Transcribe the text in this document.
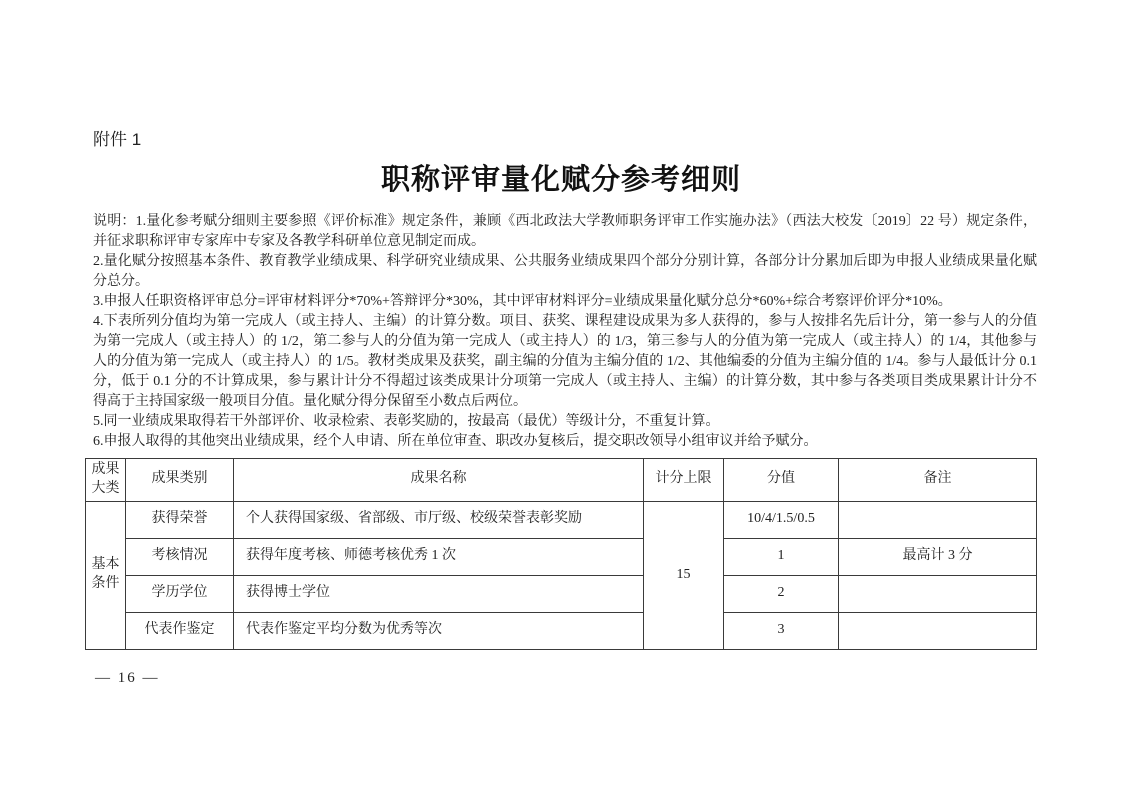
附件 1
职称评审量化赋分参考细则

说明：1.量化参考赋分细则主要参照《评价标准》规定条件，兼顾《西北政法大学教师职务评审工作实施办法》（西法大校发〔2019〕22 号）规定条件，并征求职称评审专家库中专家及各教学科研单位意见制定而成。

2.量化赋分按照基本条件、教育教学业绩成果、科学研究业绩成果、公共服务业绩成果四个部分分别计算，各部分计分累加后即为申报人业绩成果量化赋分总分。

3.申报人任职资格评审总分=评审材料评分*70%+答辩评分*30%，其中评审材料评分=业绩成果量化赋分总分*60%+综合考察评价评分*10%。

4.下表所列分值均为第一完成人（或主持人、主编）的计算分数。项目、获奖、课程建设成果为多人获得的，参与人按排名先后计分，第一参与人的分值为第一完成人（或主持人）的 1/2，第二参与人的分值为第一完成人（或主持人）的 1/3，第三参与人的分值为第一完成人（或主持人）的 1/4，其他参与人的分值为第一完成人（或主持人）的 1/5。教材类成果及获奖，副主编的分值为主编分值的 1/2、其他编委的分值为主编分值的 1/4。参与人最低计分 0.1 分，低于 0.1 分的不计算成果，参与累计计分不得超过该类成果计分项第一完成人（或主持人、主编）的计算分数，其中参与各类项目类成果累计计分不得高于主持国家级一般项目分值。量化赋分得分保留至小数点后两位。

5.同一业绩成果取得若干外部评价、收录检索、表彰奖励的，按最高（最优）等级计分，不重复计算。

6.申报人取得的其他突出业绩成果，经个人申请、所在单位审查、职改办复核后，提交职改领导小组审议并给予赋分。

成果大类	成果类别	成果名称	计分上限	分值	备注
基本条件	获得荣誉	个人获得国家级、省部级、市厅级、校级荣誉表彰奖励	15	10/4/1.5/0.5	
	考核情况	获得年度考核、师德考核优秀 1 次		1	最高计 3 分
	学历学位	获得博士学位		2	
	代表作鉴定	代表作鉴定平均分数为优秀等次		3	
— 16 —
